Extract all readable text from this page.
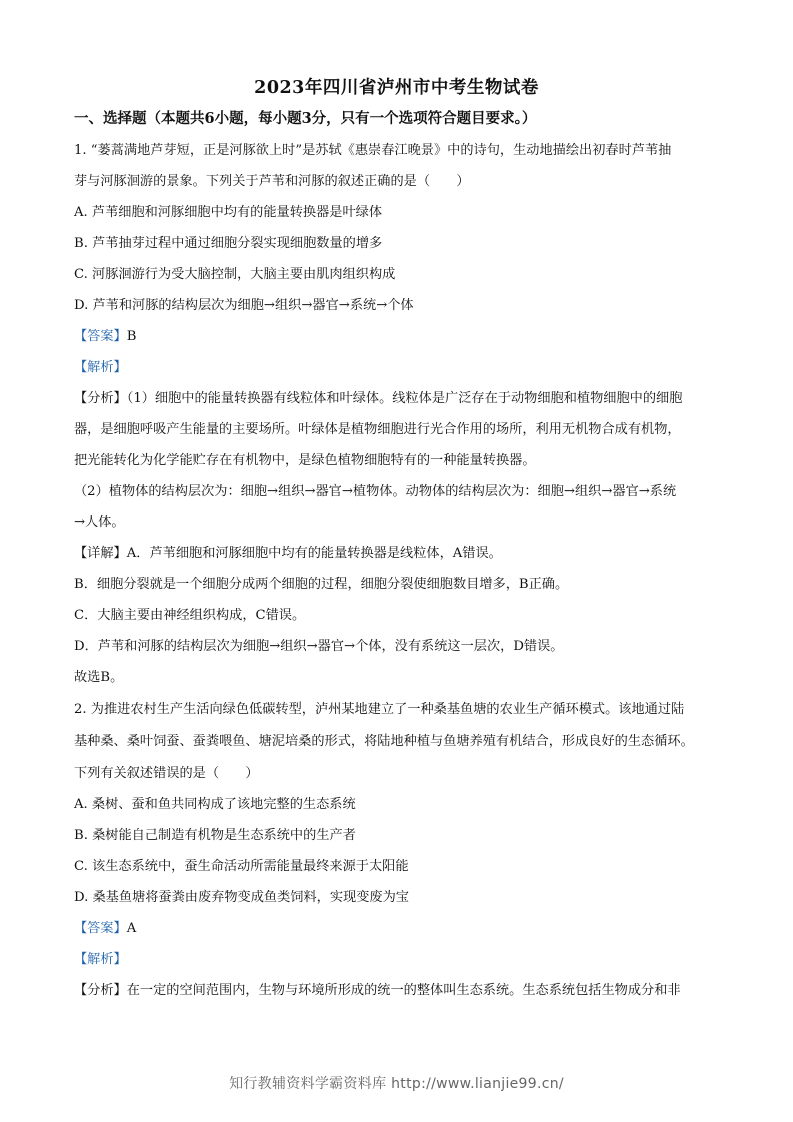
2023年四川省泸州市中考生物试卷
一、选择题（本题共6小题，每小题3分，只有一个选项符合题目要求。）
1. “蒌蒿满地芦芽短，正是河豚欲上时”是苏轼《惠崇春江晚景》中的诗句，生动地描绘出初春时芦苇抽
芽与河豚洄游的景象。下列关于芦苇和河豚的叙述正确的是（　　）
A. 芦苇细胞和河豚细胞中均有的能量转换器是叶绿体
B. 芦苇抽芽过程中通过细胞分裂实现细胞数量的增多
C. 河豚洄游行为受大脑控制，大脑主要由肌肉组织构成
D. 芦苇和河豚的结构层次为细胞→组织→器官→系统→个体
【答案】B
【解析】
【分析】（1）细胞中的能量转换器有线粒体和叶绿体。线粒体是广泛存在于动物细胞和植物细胞中的细胞
器，是细胞呼吸产生能量的主要场所。叶绿体是植物细胞进行光合作用的场所，利用无机物合成有机物，
把光能转化为化学能贮存在有机物中，是绿色植物细胞特有的一种能量转换器。
（2）植物体的结构层次为：细胞→组织→器官→植物体。动物体的结构层次为：细胞→组织→器官→系统
→人体。
【详解】A．芦苇细胞和河豚细胞中均有的能量转换器是线粒体，A错误。
B．细胞分裂就是一个细胞分成两个细胞的过程，细胞分裂使细胞数目增多，B正确。
C．大脑主要由神经组织构成，C错误。
D．芦苇和河豚的结构层次为细胞→组织→器官→个体，没有系统这一层次，D错误。
故选B。
2. 为推进农村生产生活向绿色低碳转型，泸州某地建立了一种桑基鱼塘的农业生产循环模式。该地通过陆
基种桑、桑叶饲蚕、蚕粪喂鱼、塘泥培桑的形式，将陆地种植与鱼塘养殖有机结合，形成良好的生态循环。
下列有关叙述错误的是（　　）
A. 桑树、蚕和鱼共同构成了该地完整的生态系统
B. 桑树能自己制造有机物是生态系统中的生产者
C. 该生态系统中，蚕生命活动所需能量最终来源于太阳能
D. 桑基鱼塘将蚕粪由废弃物变成鱼类饲料，实现变废为宝
【答案】A
【解析】
【分析】在一定的空间范围内，生物与环境所形成的统一的整体叫生态系统。生态系统包括生物成分和非
知行教辅资料学霸资料库 http://www.lianjie99.cn/
